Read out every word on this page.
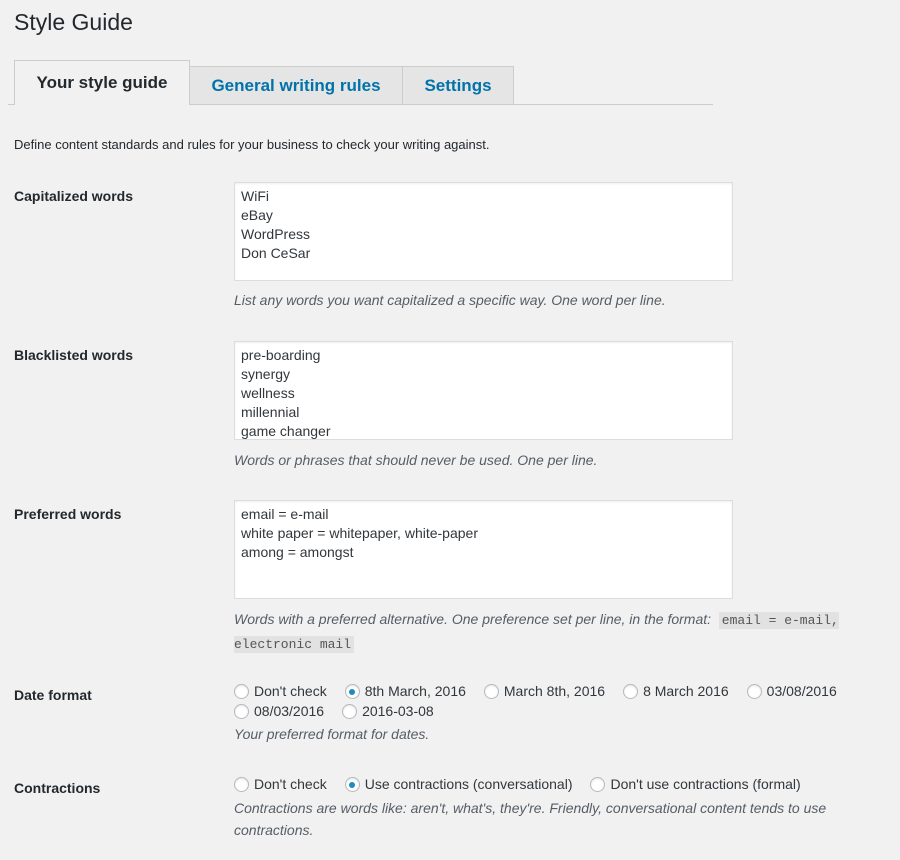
Style Guide
Your style guide	General writing rules	Settings
Define content standards and rules for your business to check your writing against.
Capitalized words
WiFi eBay WordPress Don CeSar
List any words you want capitalized a specific way. One word per line.
Blacklisted words
pre-boarding synergy wellness millennial game changer
Words or phrases that should never be used. One per line.
Preferred words
email = e-mail white paper = whitepaper, white-paper among = amongst
Words with a preferred alternative. One preference set per line, in the format: email = e-mail, electronic mail
Date format	Don't check	8th March, 2016	March 8th, 2016	8 March 2016	03/08/2016
08/03/2016	2016-03-08
Your preferred format for dates.
Contractions	Don't check	Use contractions (conversational)	Don't use contractions (formal)
Contractions are words like: aren't, what's, they're. Friendly, conversational content tends to use contractions.
